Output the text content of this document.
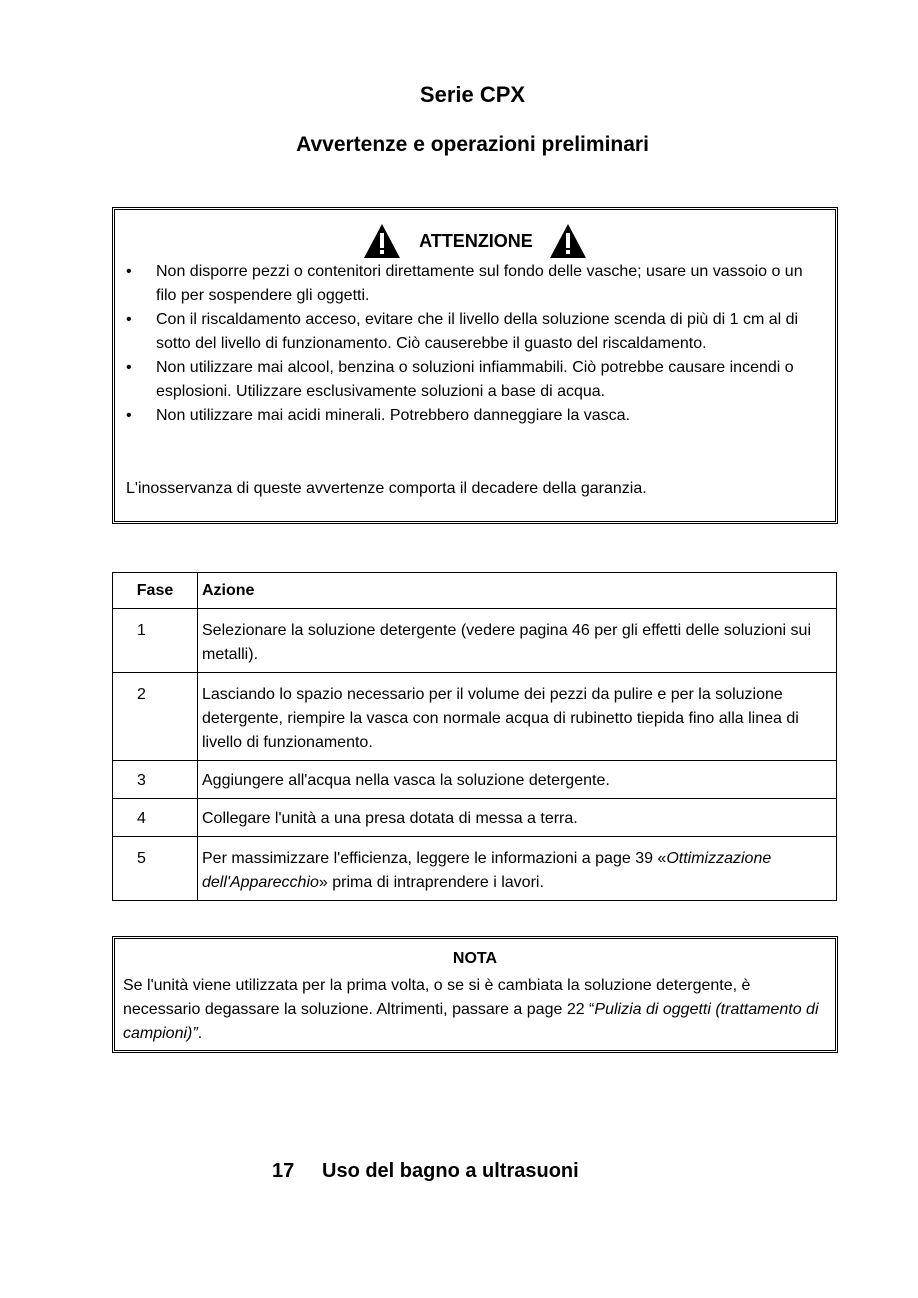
Serie CPX
Avvertenze e operazioni preliminari
ATTENZIONE
•	Non disporre pezzi o contenitori direttamente sul fondo delle vasche; usare un vassoio o un filo per sospendere gli oggetti.
•	Con il riscaldamento acceso, evitare che il livello della soluzione scenda di più di 1 cm al di sotto del livello di funzionamento. Ciò causerebbe il guasto del riscaldamento.
•	Non utilizzare mai alcool, benzina o soluzioni infiammabili. Ciò potrebbe causare incendi o esplosioni. Utilizzare esclusivamente soluzioni a base di acqua.
•	Non utilizzare mai acidi minerali. Potrebbero danneggiare la vasca.
L'inosservanza di queste avvertenze comporta il decadere della garanzia.
Fase	Azione
1	Selezionare la soluzione detergente (vedere pagina 46 per gli effetti delle soluzioni sui metalli).
2	Lasciando lo spazio necessario per il volume dei pezzi da pulire e per la soluzione detergente, riempire la vasca con normale acqua di rubinetto tiepida fino alla linea di livello di funzionamento.
3	Aggiungere all'acqua nella vasca la soluzione detergente.
4	Collegare l'unità a una presa dotata di messa a terra.
5	Per massimizzare l'efficienza, leggere le informazioni a page 39 «Ottimizzazione dell'Apparecchio» prima di intraprendere i lavori.
NOTA
Se l'unità viene utilizzata per la prima volta, o se si è cambiata la soluzione detergente, è necessario degassare la soluzione. Altrimenti, passare a page 22 “Pulizia di oggetti (trattamento di campioni)”.
17 Uso del bagno a ultrasuoni
